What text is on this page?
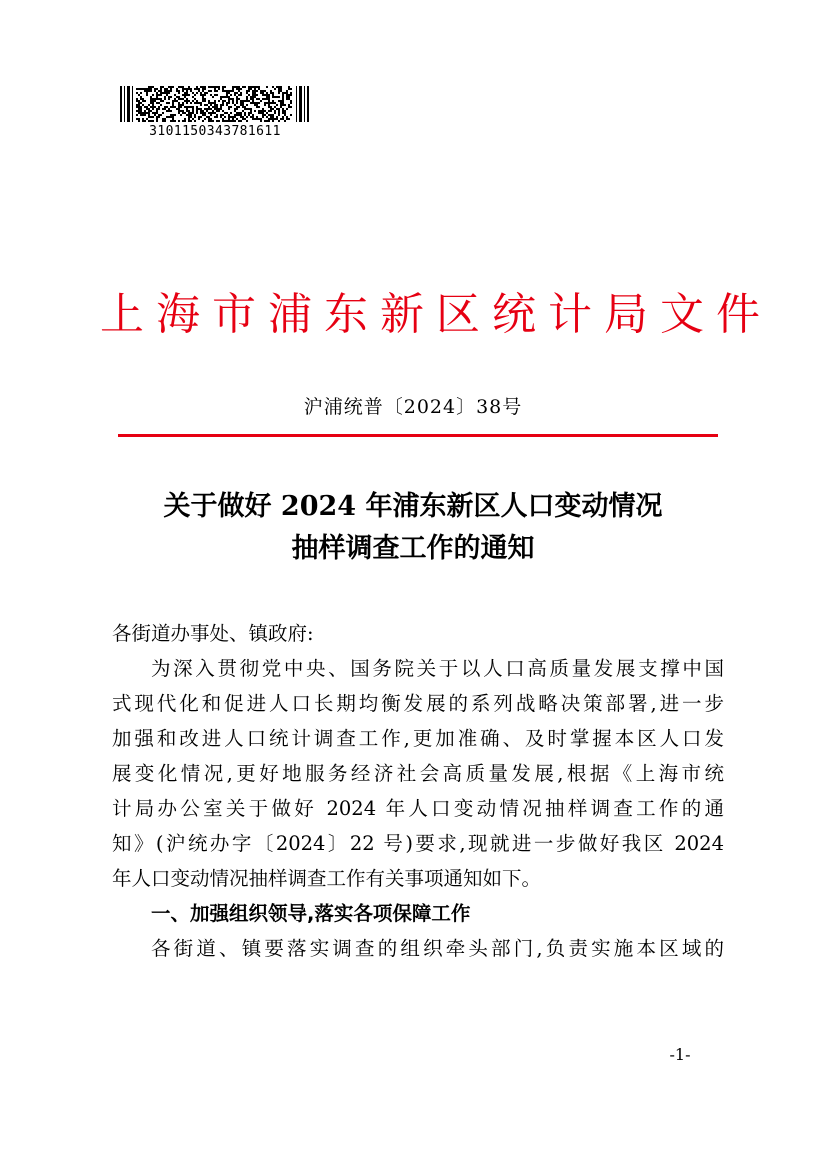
3101150343781611
上海市浦东新区统计局文件
沪浦统普〔2024〕38号
关于做好 2024 年浦东新区人口变动情况
抽样调查工作的通知

各街道办事处、镇政府:

为深入贯彻党中央、国务院关于以人口高质量发展支撑中国
式现代化和促进人口长期均衡发展的系列战略决策部署,进一步
加强和改进人口统计调查工作,更加准确、及时掌握本区人口发
展变化情况,更好地服务经济社会高质量发展,根据《上海市统
计局办公室关于做好 2024 年人口变动情况抽样调查工作的通
知》(沪统办字〔2024〕22 号)要求,现就进一步做好我区 2024
年人口变动情况抽样调查工作有关事项通知如下。

一、加强组织领导,落实各项保障工作

各街道、镇要落实调查的组织牵头部门,负责实施本区域的

-1-
